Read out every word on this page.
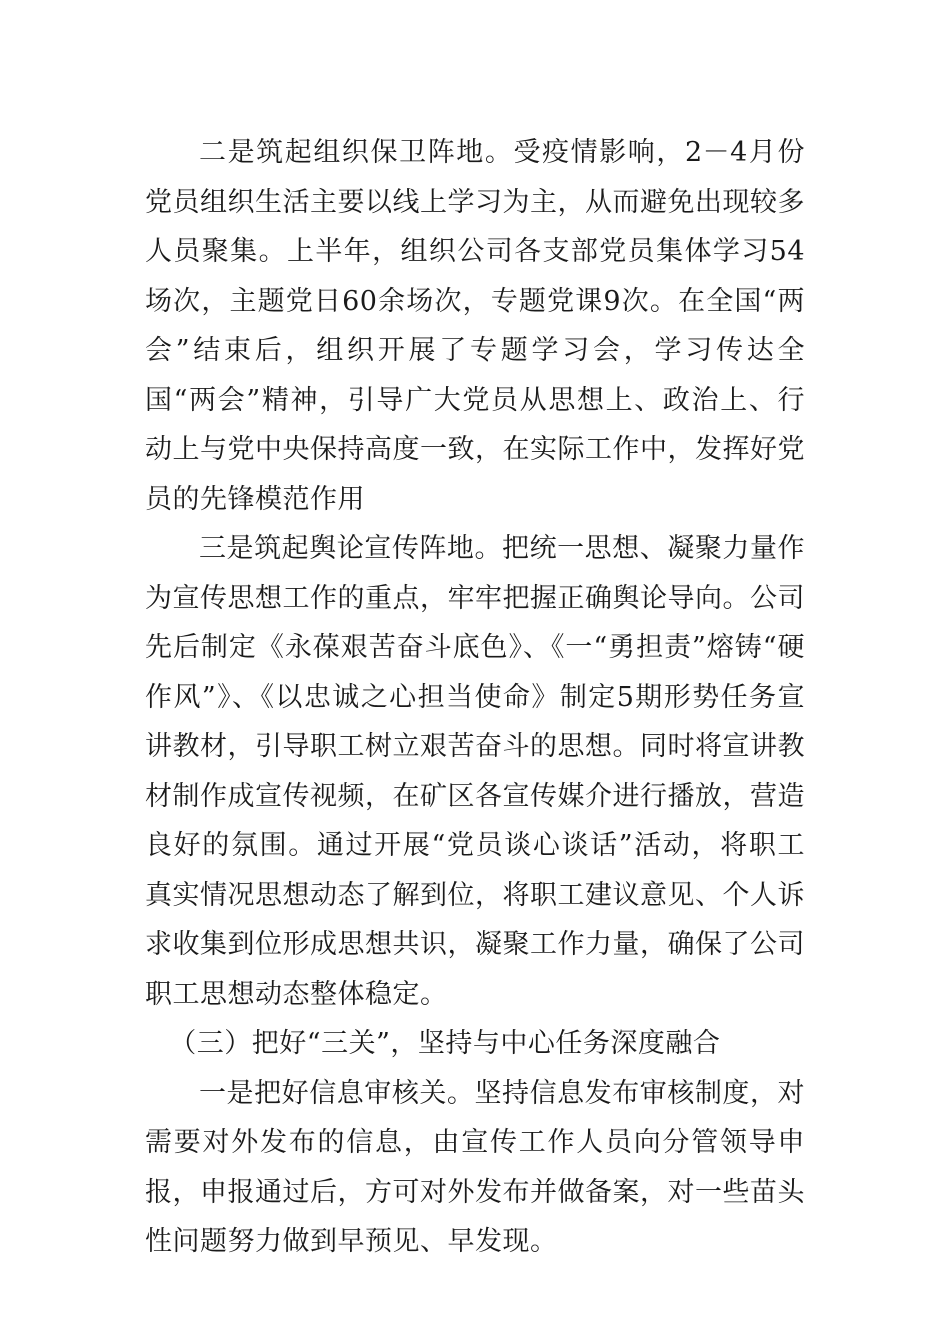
二是筑起组织保卫阵地。受疫情影响，2－4月份党员组织生活主要以线上学习为主，从而避免出现较多人员聚集。上半年，组织公司各支部党员集体学习54场次，主题党日60余场次，专题党课9次。在全国“两会”结束后，组织开展了专题学习会，学习传达全国“两会”精神，引导广大党员从思想上、政治上、行动上与党中央保持高度一致，在实际工作中，发挥好党员的先锋模范作用

三是筑起舆论宣传阵地。把统一思想、凝聚力量作为宣传思想工作的重点，牢牢把握正确舆论导向。公司先后制定《永葆艰苦奋斗底色》、《一“勇担责”熔铸“硬作风”》、《以忠诚之心担当使命》制定5期形势任务宣讲教材，引导职工树立艰苦奋斗的思想。同时将宣讲教材制作成宣传视频，在矿区各宣传媒介进行播放，营造良好的氛围。通过开展“党员谈心谈话”活动，将职工真实情况思想动态了解到位，将职工建议意见、个人诉求收集到位形成思想共识，凝聚工作力量，确保了公司职工思想动态整体稳定。

（三）把好“三关”，坚持与中心任务深度融合

一是把好信息审核关。坚持信息发布审核制度，对需要对外发布的信息，由宣传工作人员向分管领导申报，申报通过后，方可对外发布并做备案，对一些苗头性问题努力做到早预见、早发现。
